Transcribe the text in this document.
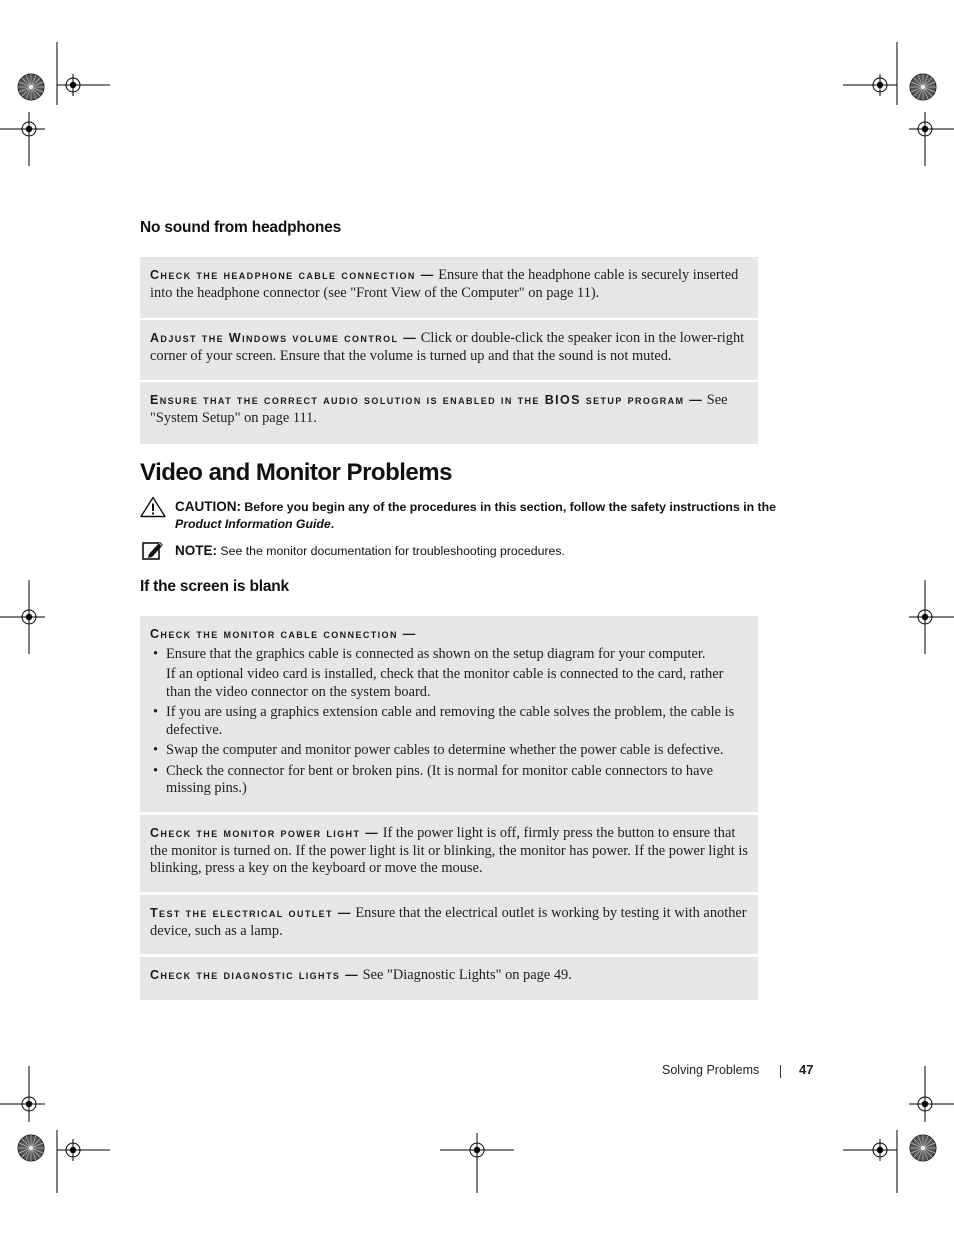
No sound from headphones
Check the headphone cable connection — Ensure that the headphone cable is securely inserted into the headphone connector (see "Front View of the Computer" on page 11).
Adjust the Windows volume control — Click or double-click the speaker icon in the lower-right corner of your screen. Ensure that the volume is turned up and that the sound is not muted.
Ensure that the correct audio solution is enabled in the BIOS setup program — See "System Setup" on page 111.
Video and Monitor Problems
CAUTION: Before you begin any of the procedures in this section, follow the safety instructions in the Product Information Guide.
NOTE: See the monitor documentation for troubleshooting procedures.
If the screen is blank
Check the monitor cable connection —
• Ensure that the graphics cable is connected as shown on the setup diagram for your computer.
If an optional video card is installed, check that the monitor cable is connected to the card, rather than the video connector on the system board.
• If you are using a graphics extension cable and removing the cable solves the problem, the cable is defective.
• Swap the computer and monitor power cables to determine whether the power cable is defective.
• Check the connector for bent or broken pins. (It is normal for monitor cable connectors to have missing pins.)
Check the monitor power light — If the power light is off, firmly press the button to ensure that the monitor is turned on. If the power light is lit or blinking, the monitor has power. If the power light is blinking, press a key on the keyboard or move the mouse.
Test the electrical outlet — Ensure that the electrical outlet is working by testing it with another device, such as a lamp.
Check the diagnostic lights — See "Diagnostic Lights" on page 49.
Solving Problems	47
